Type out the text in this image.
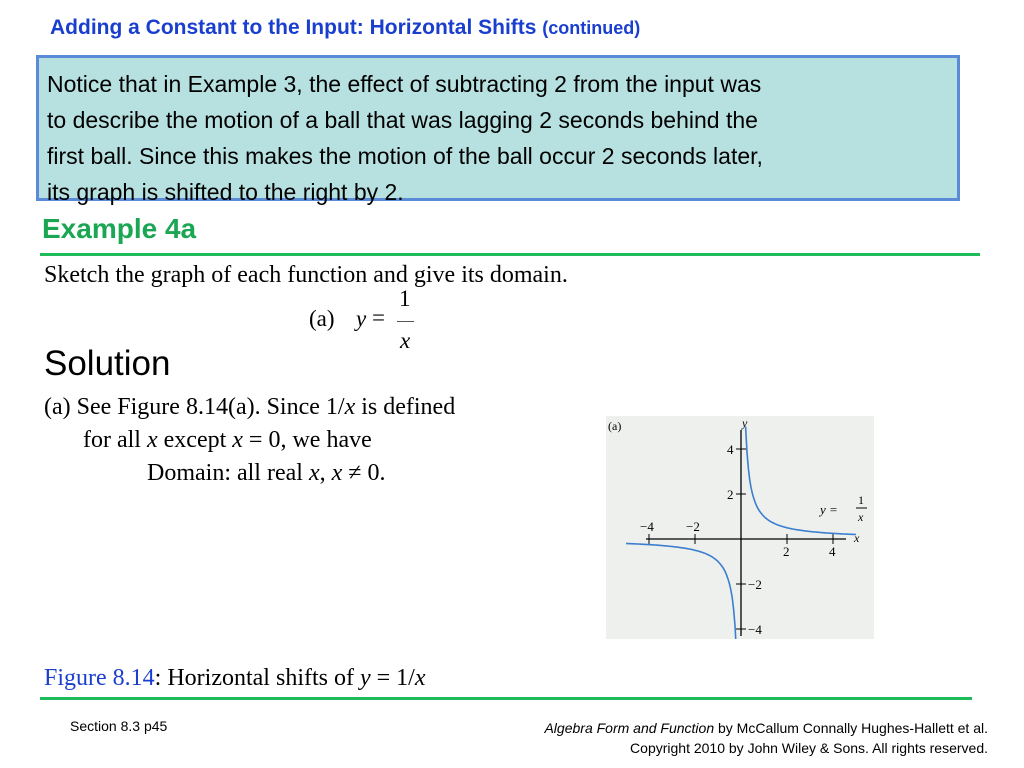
Adding a Constant to the Input: Horizontal Shifts (continued)
Notice that in Example 3, the effect of subtracting 2 from the input was
to describe the motion of a ball that was lagging 2 seconds behind the
first ball. Since this makes the motion of the ball occur 2 seconds later,
its graph is shifted to the right by 2.
Example 4a
Sketch the graph of each function and give its domain.
(a) y =
1
x
Solution
(a) See Figure 8.14(a). Since 1/x is defined
for all x except x = 0, we have
Domain: all real x, x ≠ 0.
(a)	y
x
−4 −2
2	4
−4
−2
2
4
y =
1
x
Figure 8.14: Horizontal shifts of y = 1/x
Section 8.3 p45	Algebra Form and Function by McCallum Connally Hughes-Hallett et al.
Copyright 2010 by John Wiley & Sons. All rights reserved.
